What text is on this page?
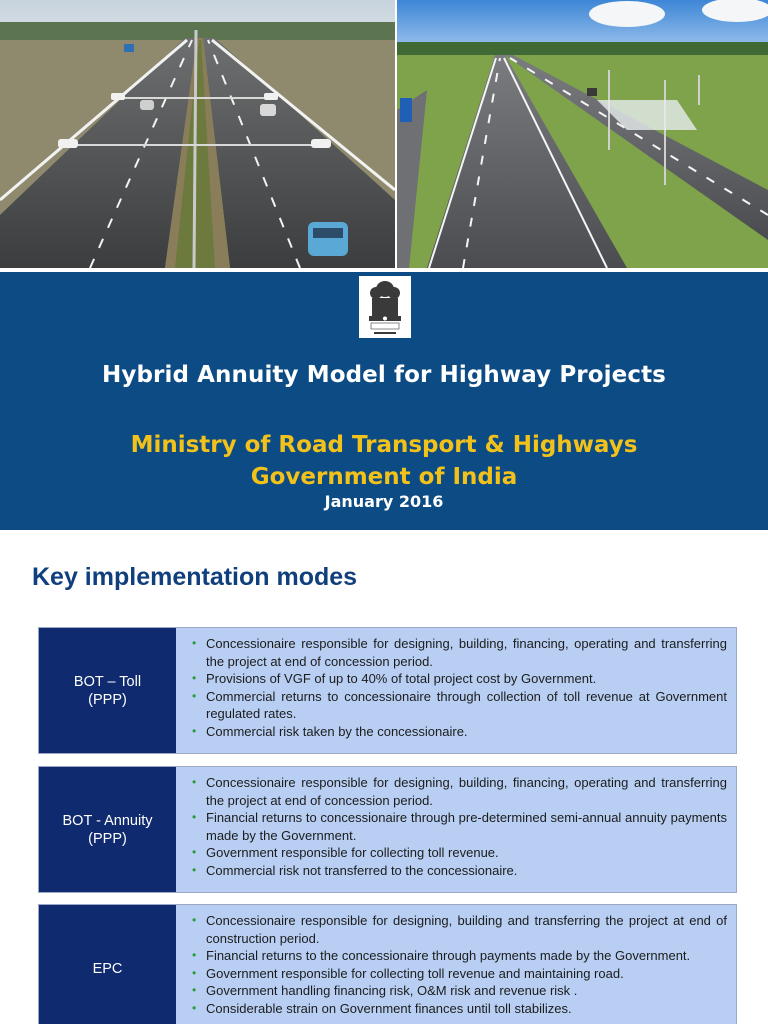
Hybrid Annuity Model for Highway Projects
Ministry of Road Transport & Highways
Government of India
January 2016
Key implementation modes
BOT – Toll
(PPP)
• Concessionaire responsible for designing, building, financing, operating and transferring the project at end of concession period.
• Provisions of VGF of up to 40% of total project cost by Government.
• Commercial returns to concessionaire through collection of toll revenue at Government regulated rates.
• Commercial risk taken by the concessionaire.
BOT - Annuity
(PPP)
• Concessionaire responsible for designing, building, financing, operating and transferring the project at end of concession period.
• Financial returns to concessionaire through pre-determined semi-annual annuity payments made by the Government.
• Government responsible for collecting toll revenue.
• Commercial risk not transferred to the concessionaire.
EPC
• Concessionaire responsible for designing, building and transferring the project at end of construction period.
• Financial returns to the concessionaire through payments made by the Government.
• Government responsible for collecting toll revenue and maintaining road.
• Government handling financing risk, O&M risk and revenue risk .
• Considerable strain on Government finances until toll stabilizes.
